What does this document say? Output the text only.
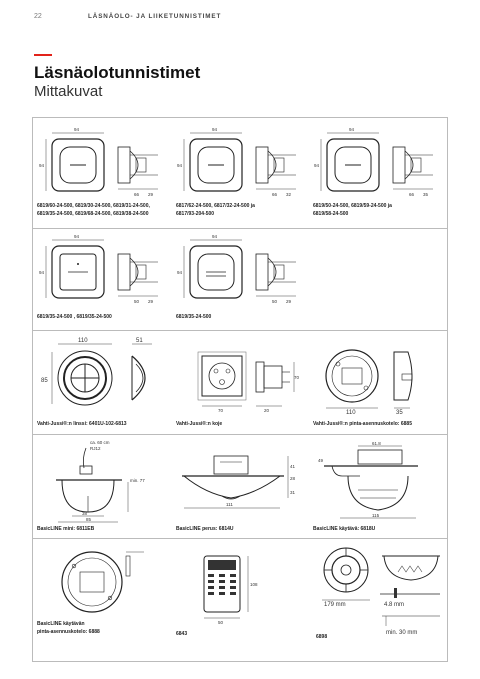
22	LÄSNÄOLO- JA LIIKETUNNISTIMET
Läsnäolotunnistimet
Mittakuvat
94
94
66 29
6819/60-24-500, 6819/30-24-500, 6819/31-24-500,
6819/35-24-500, 6819/68-24-500, 6819/38-24-500
94
94
66 32
6817/62-24-500, 6817/32-24-500 ja
6817/93-204-500
94
94
66 35
6819/50-24-500, 6819/59-24-500 ja
6819/58-24-500
94
94
50 29
6819/35-24-500 , 6819/35-24-500
94
94
50 29
6819/35-24-500
110
85
51
Vahti-Jussi®:n linssi: 6401U-102-6813
70
70
20
Vahti-Jussi®:n koje
110	35
Vahti-Jussi®:n pinta-asennuskotelo: 6885
ca. 60 cm
RJ12
min. 77
38
85
BasicLINE mini: 6811EB
41
28
31
111
BasicLINE perus: 6814U
61.8
49
115
BasicLINE käytävä: 6818U
BasicLINE käytävän
pinta-asennuskotelo: 6888
108
50
6843
179 mm	4.8 mm
min. 30 mm
6898
